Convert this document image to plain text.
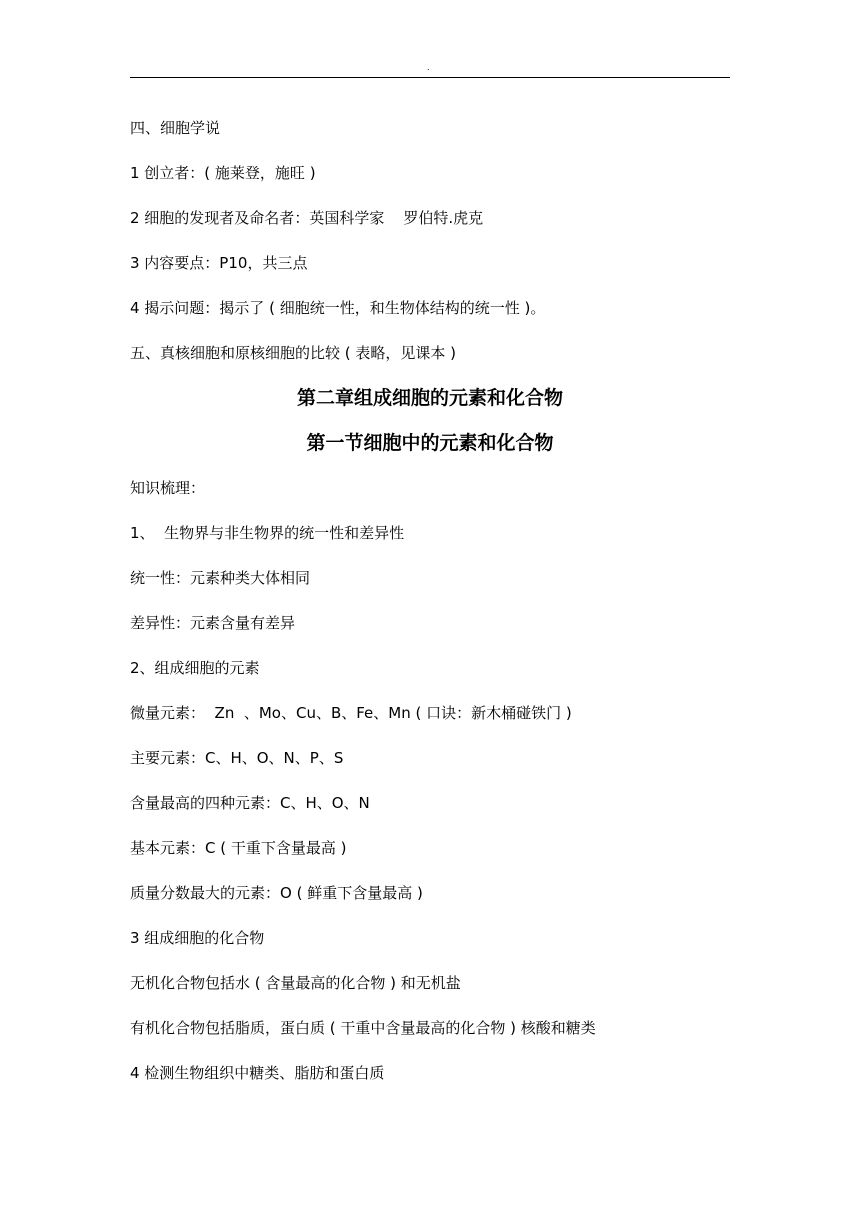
.
四、细胞学说
1 创立者：( 施莱登，施旺 )
2 细胞的发现者及命名者：英国科学家    罗伯特.虎克
3 内容要点：P10，共三点
4 揭示问题：揭示了 ( 细胞统一性，和生物体结构的统一性 )。
五、真核细胞和原核细胞的比较 ( 表略，见课本 )
第二章组成细胞的元素和化合物
第一节细胞中的元素和化合物
知识梳理：
1、  生物界与非生物界的统一性和差异性
统一性：元素种类大体相同
差异性：元素含量有差异
2、组成细胞的元素
微量元素：  Zn  、Mo、Cu、B、Fe、Mn ( 口诀：新木桶碰铁门 )
主要元素：C、H、O、N、P、S
含量最高的四种元素：C、H、O、N
基本元素：C ( 干重下含量最高 )
质量分数最大的元素：O ( 鲜重下含量最高 )
3 组成细胞的化合物
无机化合物包括水 ( 含量最高的化合物 ) 和无机盐
有机化合物包括脂质，蛋白质 ( 干重中含量最高的化合物 ) 核酸和糖类
4 检测生物组织中糖类、脂肪和蛋白质
